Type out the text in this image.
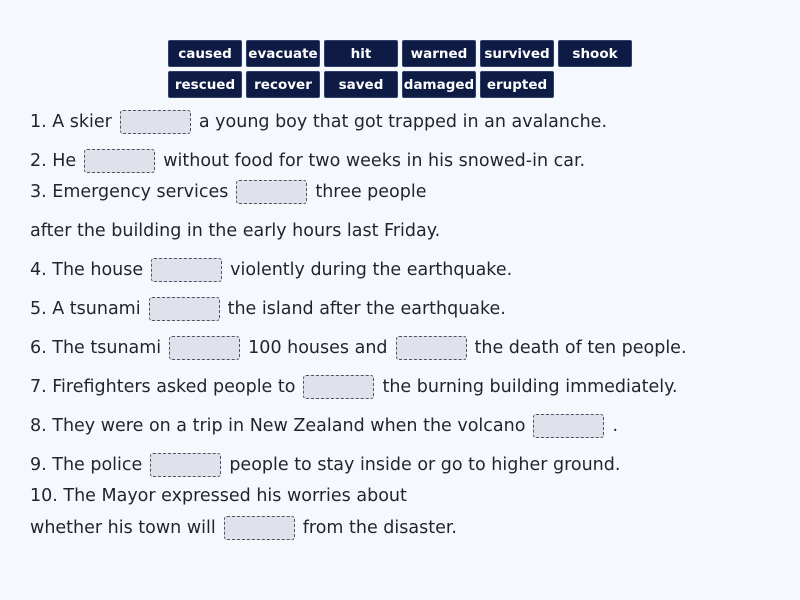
caused	evacuate	hit	warned	survived	shook
rescued	recover	saved	damaged erupted
1. A skier	a young boy that got trapped in an avalanche.
2. He	without food for two weeks in his snowed-in car.
3. Emergency services	three people
after the building in the early hours last Friday.
4. The house	violently during the earthquake.
5. A tsunami	the island after the earthquake.
6. The tsunami	100 houses and	the death of ten people.
7. Firefighters asked people to	the burning building immediately.
8. They were on a trip in New Zealand when the volcano	.
9. The police	people to stay inside or go to higher ground.
10. The Mayor expressed his worries about
whether his town will	from the disaster.
